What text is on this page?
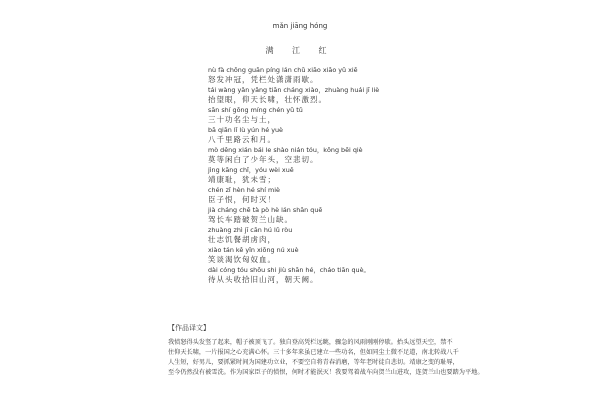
mǎn jiāng hóng
满 江 红
nù fà chōng guān píng lán chǔ xiāo xiāo yǔ xiē
怒发冲冠，凭栏处潇潇雨歇。
tái wàng yǎn yǎng tiān cháng xiào，zhuàng huái jī liè
抬望眼，仰天长啸，壮怀激烈。
sān shí gōng míng chén yǔ tǔ
三十功名尘与土，
bā qiān lǐ lù yún hé yuè
八千里路云和月。
mò děng xián bái le shào nián tóu，kōng bēi qiè
莫等闲白了少年头，空悲切。
jìng kāng chǐ，yóu wèi xuě
靖康耻，犹未雪；
chén zǐ hèn hé shí miè
臣子恨，何时灭！
jià cháng chē tà pò hè lán shān quē
驾长车踏破贺兰山缺。
zhuàng zhì jī cān hú lǔ ròu
壮志饥餐胡虏肉，
xiào tán kě yǐn xiōng nú xuè
笑谈渴饮匈奴血。
dài cóng tóu shōu shi jiù shān hé，cháo tiān què。
待从头收拾旧山河，朝天阙。
【作品译文】
我愤怒得头发竖了起来，帽子被顶飞了。独自登高凭栏远眺，骤急的风雨刚刚停歇。抬头远望天空，禁不
住仰天长啸，一片报国之心充满心怀。三十多年来虽已建立一些功名，但如同尘土微不足道，南北转战八千
人生短，好男儿，要抓紧时间为国建功立业，不要空自将青春消磨，等年老时徒自悲切。靖康之变的耻辱，
至今仍然没有被雪洗。作为国家臣子的愤恨，何时才能泯灭！我要驾着战车向贺兰山进攻，连贺兰山也要踏为平地。
